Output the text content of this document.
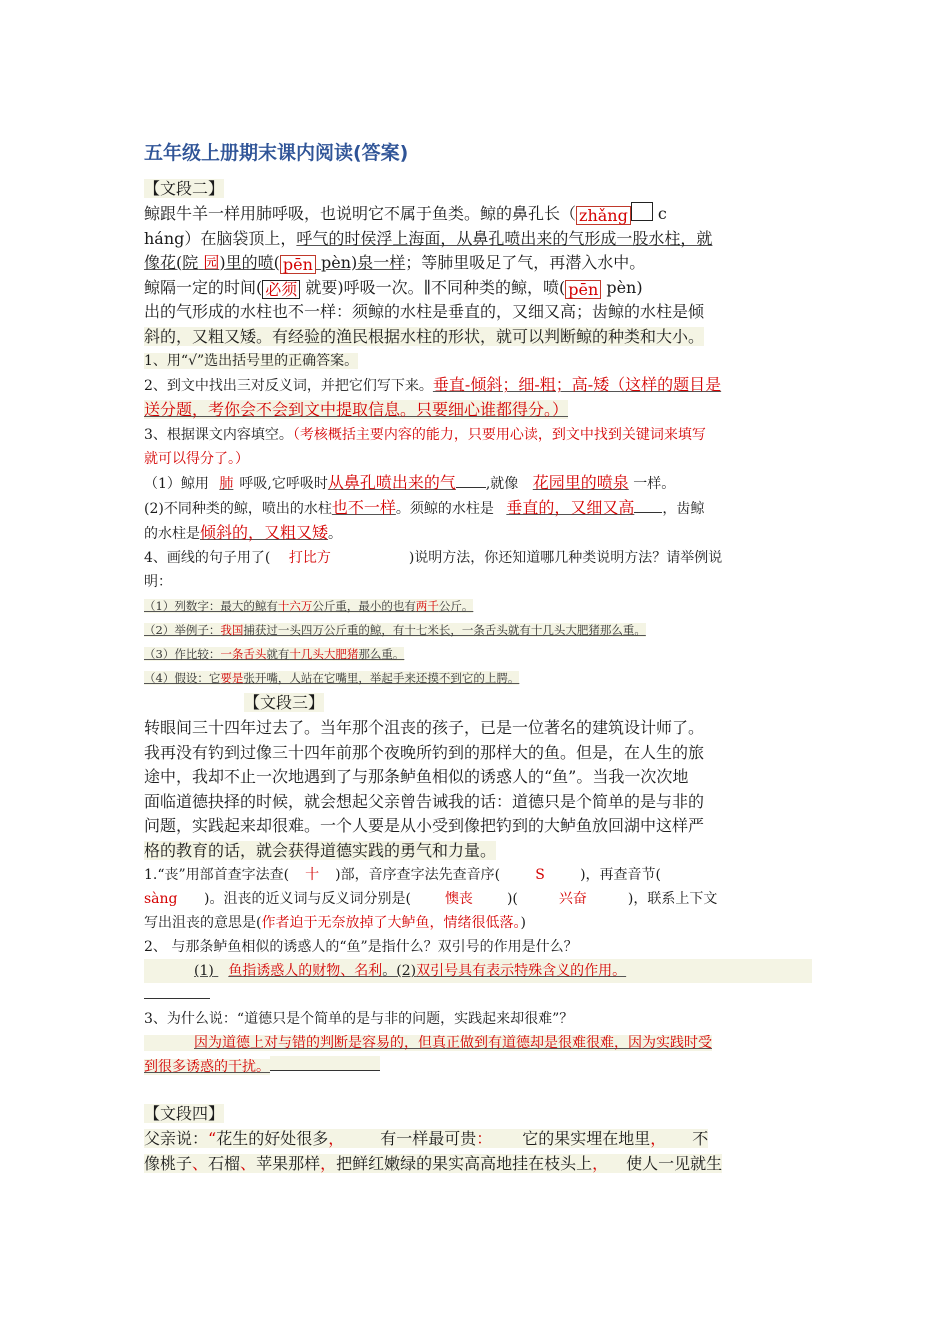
五年级上册期末课内阅读(答案)
【文段二】
鲸跟牛羊一样用肺呼吸，也说明它不属于鱼类。鲸的鼻孔长（ zhǎng c
háng）在脑袋顶上，呼气的时侯浮上海面，从鼻孔喷出来的气形成一股水柱，就
像花(院 园)里的喷( pēn pèn)泉一样；等肺里吸足了气，再潜入水中。
鲸隔一定的时间( 必须 就要)呼吸一次。∥不同种类的鲸，喷( pēn pèn)
出的气形成的水柱也不一样：须鲸的水柱是垂直的，又细又高；齿鲸的水柱是倾
斜的，又粗又矮。有经验的渔民根据水柱的形状，就可以判断鲸的种类和大小。
1、用“√”选出括号里的正确答案。
2、到文中找出三对反义词，并把它们写下来。垂直-倾斜；细-粗；高-矮（这样的题目是
送分题，考你会不会到文中提取信息。只要细心谁都得分。）
3、根据课文内容填空。（考核概括主要内容的能力，只要用心读，到文中找到关键词来填写
就可以得分了。）
（1）鲸用 肺 呼吸,它呼吸时从鼻孔喷出来的气 ,就像 花园里的喷泉 一样。
(2)不同种类的鲸，喷出的水柱也不一样。须鲸的水柱是 垂直的，又细又高 ，齿鲸
的水柱是倾斜的，又粗又矮。
4、画线的句子用了( 打比方	)说明方法，你还知道哪几种类说明方法？请举例说
明：
（1）列数字：最大的鲸有十六万公斤重，最小的也有两千公斤。
（2）举例子：我国捕获过一头四万公斤重的鲸，有十七米长，一条舌头就有十几头大肥猪那么重。
（3）作比较：一条舌头就有十几头大肥猪那么重。
（4）假设：它要是张开嘴，人站在它嘴里，举起手来还摸不到它的上腭。
【文段三】
转眼间三十四年过去了。当年那个沮丧的孩子，已是一位著名的建筑设计师了。
我再没有钓到过像三十四年前那个夜晚所钓到的那样大的鱼。但是，在人生的旅
途中，我却不止一次地遇到了与那条鲈鱼相似的诱惑人的“鱼”。当我一次次地
面临道德抉择的时候，就会想起父亲曾告诫我的话：道德只是个简单的是与非的
问题，实践起来却很难。一个人要是从小受到像把钓到的大鲈鱼放回湖中这样严
格的教育的话，就会获得道德实践的勇气和力量。
1.“丧”用部首查字法查( 十 )部，音序查字法先查音序(	S	)，再查音节(
sàng )。沮丧的近义词与反义词分别是( 懊丧 )(	兴奋	)，联系上下文
写出沮丧的意思是(作者迫于无奈放掉了大鲈鱼，情绪很低落。)
2、 与那条鲈鱼相似的诱惑人的“鱼”是指什么？双引号的作用是什么？
(1) 鱼指诱惑人的财物、名利。(2)双引号具有表示特殊含义的作用。
3、为什么说：“道德只是个简单的是与非的问题，实践起来却很难”？
因为道德上对与错的判断是容易的，但真正做到有道德却是很难很难，因为实践时受
到很多诱惑的干扰。
【文段四】
父亲说：“花生的好处很多， 有一样最可贵： 它的果实埋在地里， 不
像桃子、石榴、苹果那样，把鲜红嫩绿的果实高高地挂在枝头上， 使人一见就生
